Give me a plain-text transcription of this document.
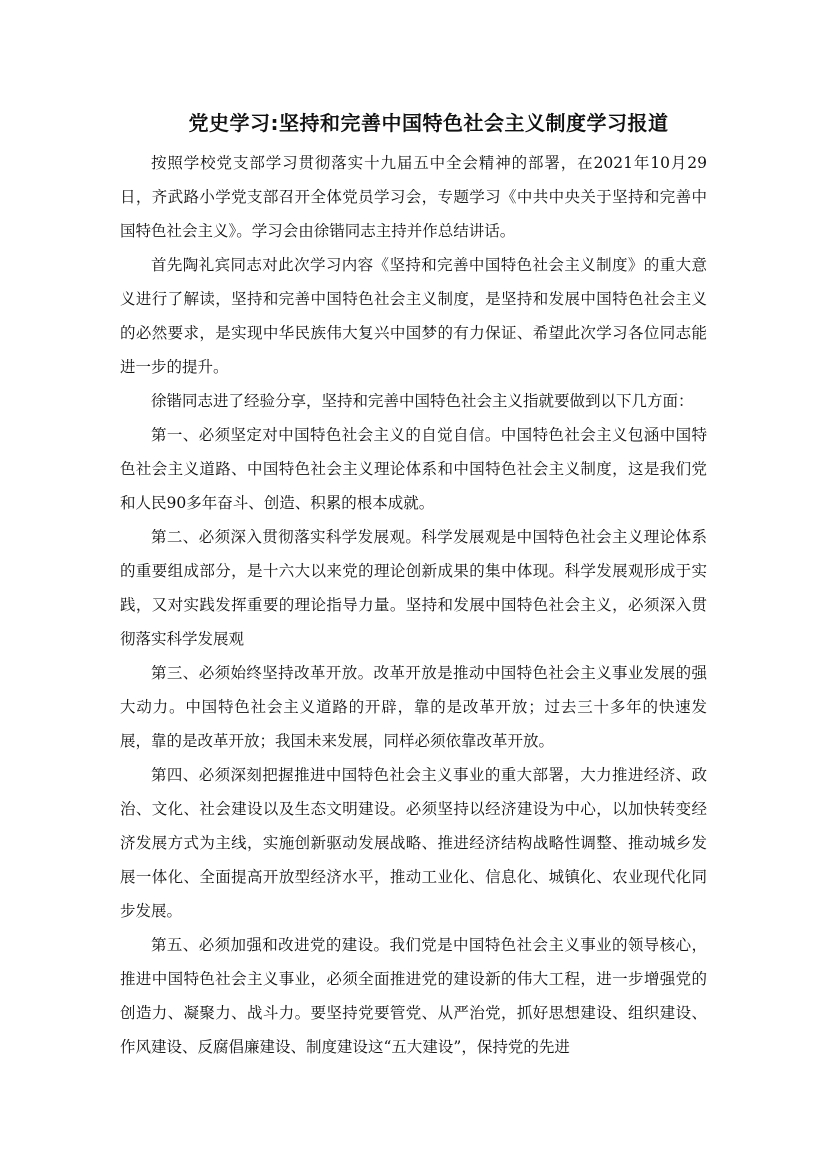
党史学习:坚持和完善中国特色社会主义制度学习报道

按照学校党支部学习贯彻落实十九届五中全会精神的部署，在2021年10月29日，齐武路小学党支部召开全体党员学习会，专题学习《中共中央关于坚持和完善中国特色社会主义》。学习会由徐锴同志主持并作总结讲话。

首先陶礼宾同志对此次学习内容《坚持和完善中国特色社会主义制度》的重大意义进行了解读，坚持和完善中国特色社会主义制度，是坚持和发展中国特色社会主义的必然要求，是实现中华民族伟大复兴中国梦的有力保证、希望此次学习各位同志能进一步的提升。

徐锴同志进了经验分享，坚持和完善中国特色社会主义指就要做到以下几方面：

第一、必须坚定对中国特色社会主义的自觉自信。中国特色社会主义包涵中国特色社会主义道路、中国特色社会主义理论体系和中国特色社会主义制度，这是我们党和人民90多年奋斗、创造、积累的根本成就。

第二、必须深入贯彻落实科学发展观。科学发展观是中国特色社会主义理论体系的重要组成部分，是十六大以来党的理论创新成果的集中体现。科学发展观形成于实践，又对实践发挥重要的理论指导力量。坚持和发展中国特色社会主义，必须深入贯彻落实科学发展观

第三、必须始终坚持改革开放。改革开放是推动中国特色社会主义事业发展的强大动力。中国特色社会主义道路的开辟，靠的是改革开放；过去三十多年的快速发展，靠的是改革开放；我国未来发展，同样必须依靠改革开放。

第四、必须深刻把握推进中国特色社会主义事业的重大部署，大力推进经济、政治、文化、社会建设以及生态文明建设。必须坚持以经济建设为中心，以加快转变经济发展方式为主线，实施创新驱动发展战略、推进经济结构战略性调整、推动城乡发展一体化、全面提高开放型经济水平，推动工业化、信息化、城镇化、农业现代化同步发展。

第五、必须加强和改进党的建设。我们党是中国特色社会主义事业的领导核心，推进中国特色社会主义事业，必须全面推进党的建设新的伟大工程，进一步增强党的创造力、凝聚力、战斗力。要坚持党要管党、从严治党，抓好思想建设、组织建设、作风建设、反腐倡廉建设、制度建设这“五大建设”，保持党的先进
